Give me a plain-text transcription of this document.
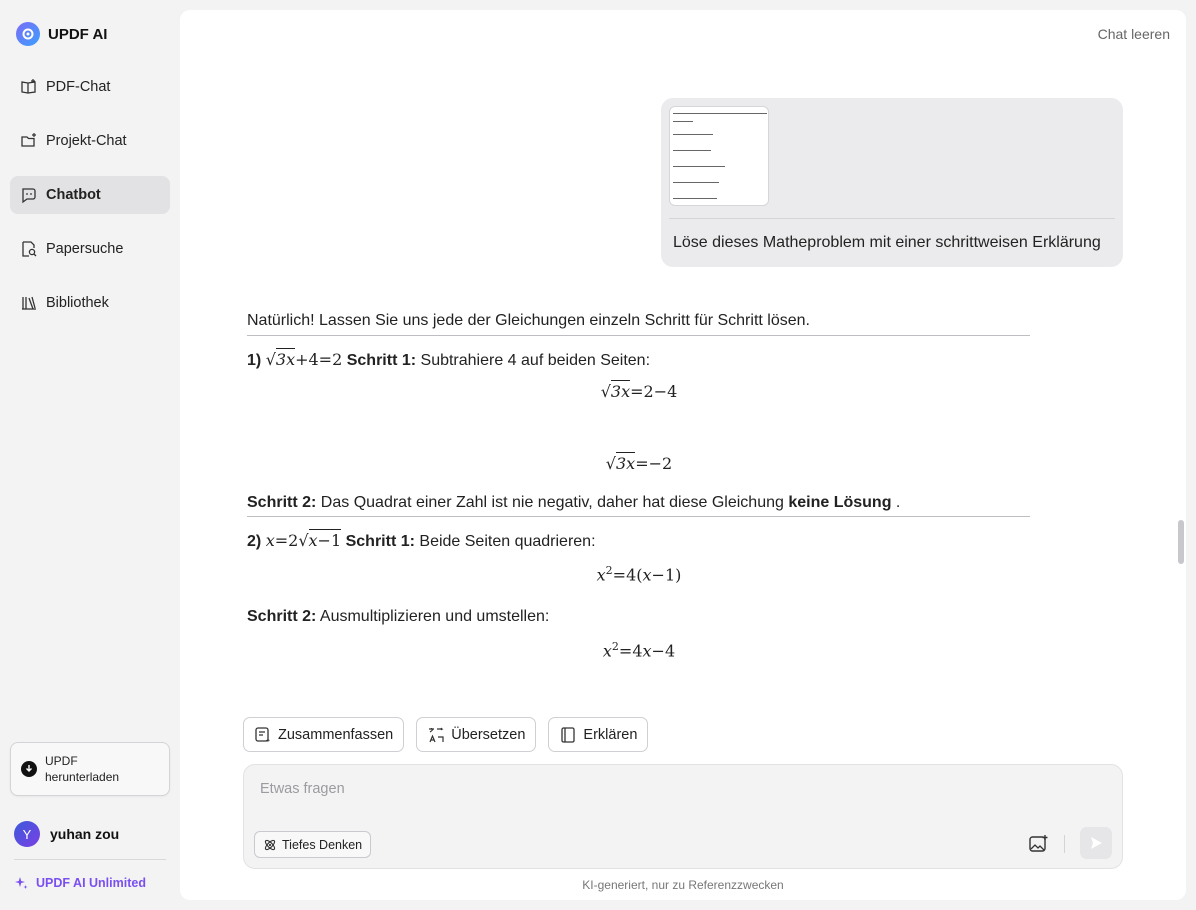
UPDF AI
PDF-Chat
Projekt-Chat
Chatbot
Papersuche
Bibliothek
UPDF herunterladen
Y	yuhan zou
UPDF AI Unlimited
Chat leeren
Löse dieses Matheproblem mit einer schrittweisen Erklärung
Natürlich! Lassen Sie uns jede der Gleichungen einzeln Schritt für Schritt lösen.
1) √3x+4=2 Schritt 1: Subtrahiere 4 auf beiden Seiten:
√3x=2−4
√3x=−2
Schritt 2: Das Quadrat einer Zahl ist nie negativ, daher hat diese Gleichung keine Lösung .
2) x=2√x−1 Schritt 1: Beide Seiten quadrieren:
$x^2=4(x-1)$
Schritt 2: Ausmultiplizieren und umstellen:
$x^2=4x-4$
Zusammenfassen	Übersetzen	Erklären
Etwas fragen
Tiefes Denken
KI-generiert, nur zu Referenzzwecken
